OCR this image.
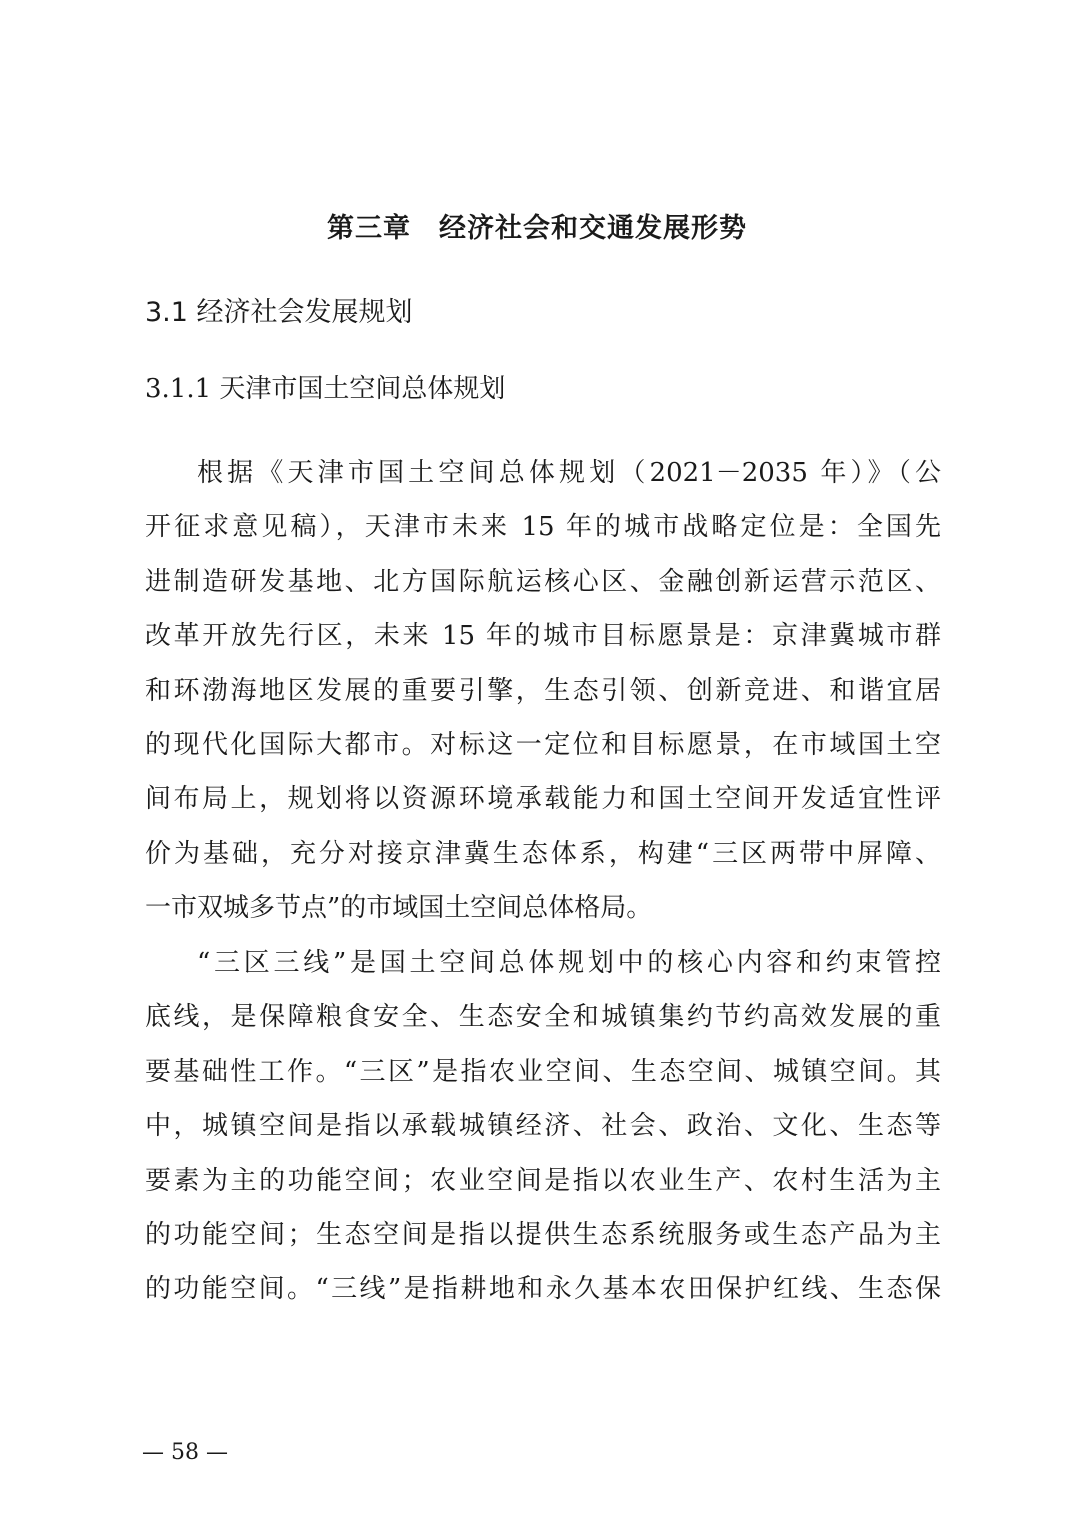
第三章　经济社会和交通发展形势
3.1 经济社会发展规划
3.1.1 天津市国土空间总体规划
根据《天津市国土空间总体规划（2021－2035 年）》（公
开征求意见稿），天津市未来 15 年的城市战略定位是：全国先
进制造研发基地、北方国际航运核心区、金融创新运营示范区、
改革开放先行区，未来 15 年的城市目标愿景是：京津冀城市群
和环渤海地区发展的重要引擎，生态引领、创新竞进、和谐宜居
的现代化国际大都市。对标这一定位和目标愿景，在市域国土空
间布局上，规划将以资源环境承载能力和国土空间开发适宜性评
价为基础，充分对接京津冀生态体系，构建“三区两带中屏障、
一市双城多节点”的市域国土空间总体格局。
“三区三线”是国土空间总体规划中的核心内容和约束管控
底线，是保障粮食安全、生态安全和城镇集约节约高效发展的重
要基础性工作。“三区”是指农业空间、生态空间、城镇空间。其
中，城镇空间是指以承载城镇经济、社会、政治、文化、生态等
要素为主的功能空间；农业空间是指以农业生产、农村生活为主
的功能空间；生态空间是指以提供生态系统服务或生态产品为主
的功能空间。“三线”是指耕地和永久基本农田保护红线、生态保
— 58 —
